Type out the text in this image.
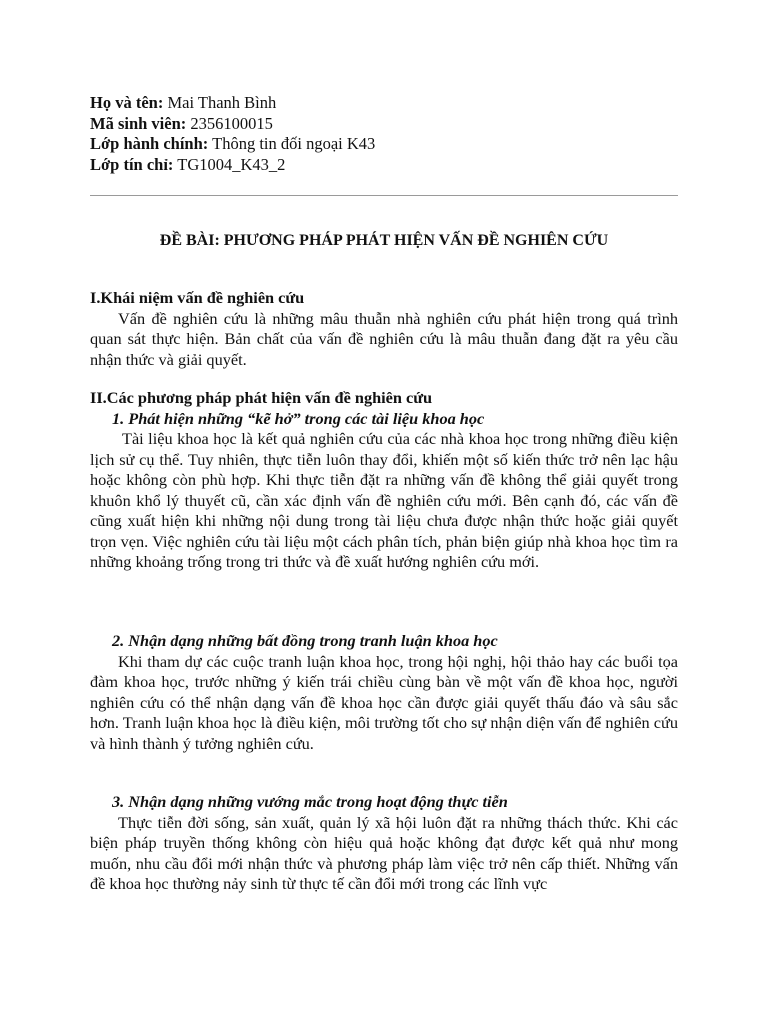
Họ và tên: Mai Thanh Bình
Mã sinh viên: 2356100015
Lớp hành chính: Thông tin đối ngoại K43
Lớp tín chỉ: TG1004_K43_2
ĐỀ BÀI: PHƯƠNG PHÁP PHÁT HIỆN VẤN ĐỀ NGHIÊN CỨU
I.Khái niệm vấn đề nghiên cứu

Vấn đề nghiên cứu là những mâu thuẫn nhà nghiên cứu phát hiện trong quá trình quan sát thực hiện. Bản chất của vấn đề nghiên cứu là mâu thuẫn đang đặt ra yêu cầu nhận thức và giải quyết.

II.Các phương pháp phát hiện vấn đề nghiên cứu
1. Phát hiện những “kẽ hở” trong các tài liệu khoa học

Tài liệu khoa học là kết quả nghiên cứu của các nhà khoa học trong những điều kiện lịch sử cụ thể. Tuy nhiên, thực tiễn luôn thay đổi, khiến một số kiến thức trở nên lạc hậu hoặc không còn phù hợp. Khi thực tiễn đặt ra những vấn đề không thể giải quyết trong khuôn khổ lý thuyết cũ, cần xác định vấn đề nghiên cứu mới. Bên cạnh đó, các vấn đề cũng xuất hiện khi những nội dung trong tài liệu chưa được nhận thức hoặc giải quyết trọn vẹn. Việc nghiên cứu tài liệu một cách phân tích, phản biện giúp nhà khoa học tìm ra những khoảng trống trong tri thức và đề xuất hướng nghiên cứu mới.

2. Nhận dạng những bất đồng trong tranh luận khoa học

Khi tham dự các cuộc tranh luận khoa học, trong hội nghị, hội thảo hay các buổi tọa đàm khoa học, trước những ý kiến trái chiều cùng bàn về một vấn đề khoa học, người nghiên cứu có thể nhận dạng vấn đề khoa học cần được giải quyết thấu đáo và sâu sắc hơn. Tranh luận khoa học là điều kiện, môi trường tốt cho sự nhận diện vấn để nghiên cứu và hình thành ý tưởng nghiên cứu.

3. Nhận dạng những vướng mắc trong hoạt động thực tiễn

Thực tiễn đời sống, sản xuất, quản lý xã hội luôn đặt ra những thách thức. Khi các biện pháp truyền thống không còn hiệu quả hoặc không đạt được kết quả như mong muốn, nhu cầu đổi mới nhận thức và phương pháp làm việc trở nên cấp thiết. Những vấn đề khoa học thường nảy sinh từ thực tế cần đổi mới trong các lĩnh vực
